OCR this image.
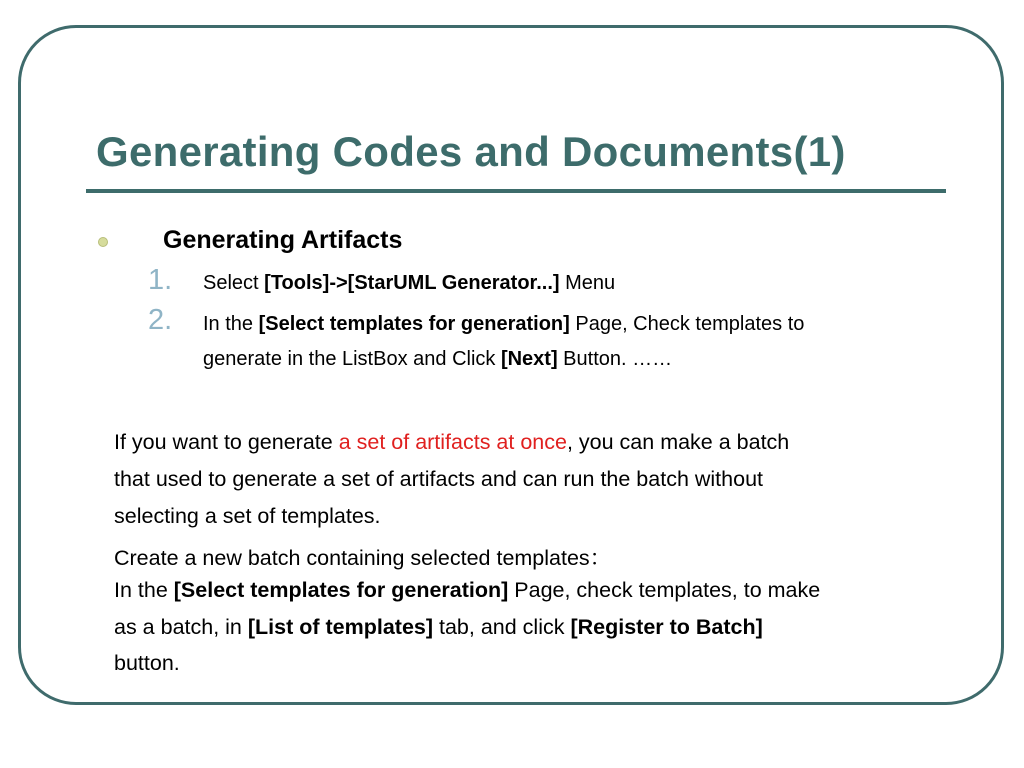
Generating Codes and Documents(1)
Generating Artifacts
1. Select [Tools]->[StarUML Generator...] Menu
2. In the [Select templates for generation] Page, Check templates to
generate in the ListBox and Click [Next] Button. ……
If you want to generate a set of artifacts at once, you can make a batch
that used to generate a set of artifacts and can run the batch without
selecting a set of templates.
Create a new batch containing selected templates：
In the [Select templates for generation] Page, check templates, to make
as a batch, in [List of templates] tab, and click [Register to Batch]
button.
